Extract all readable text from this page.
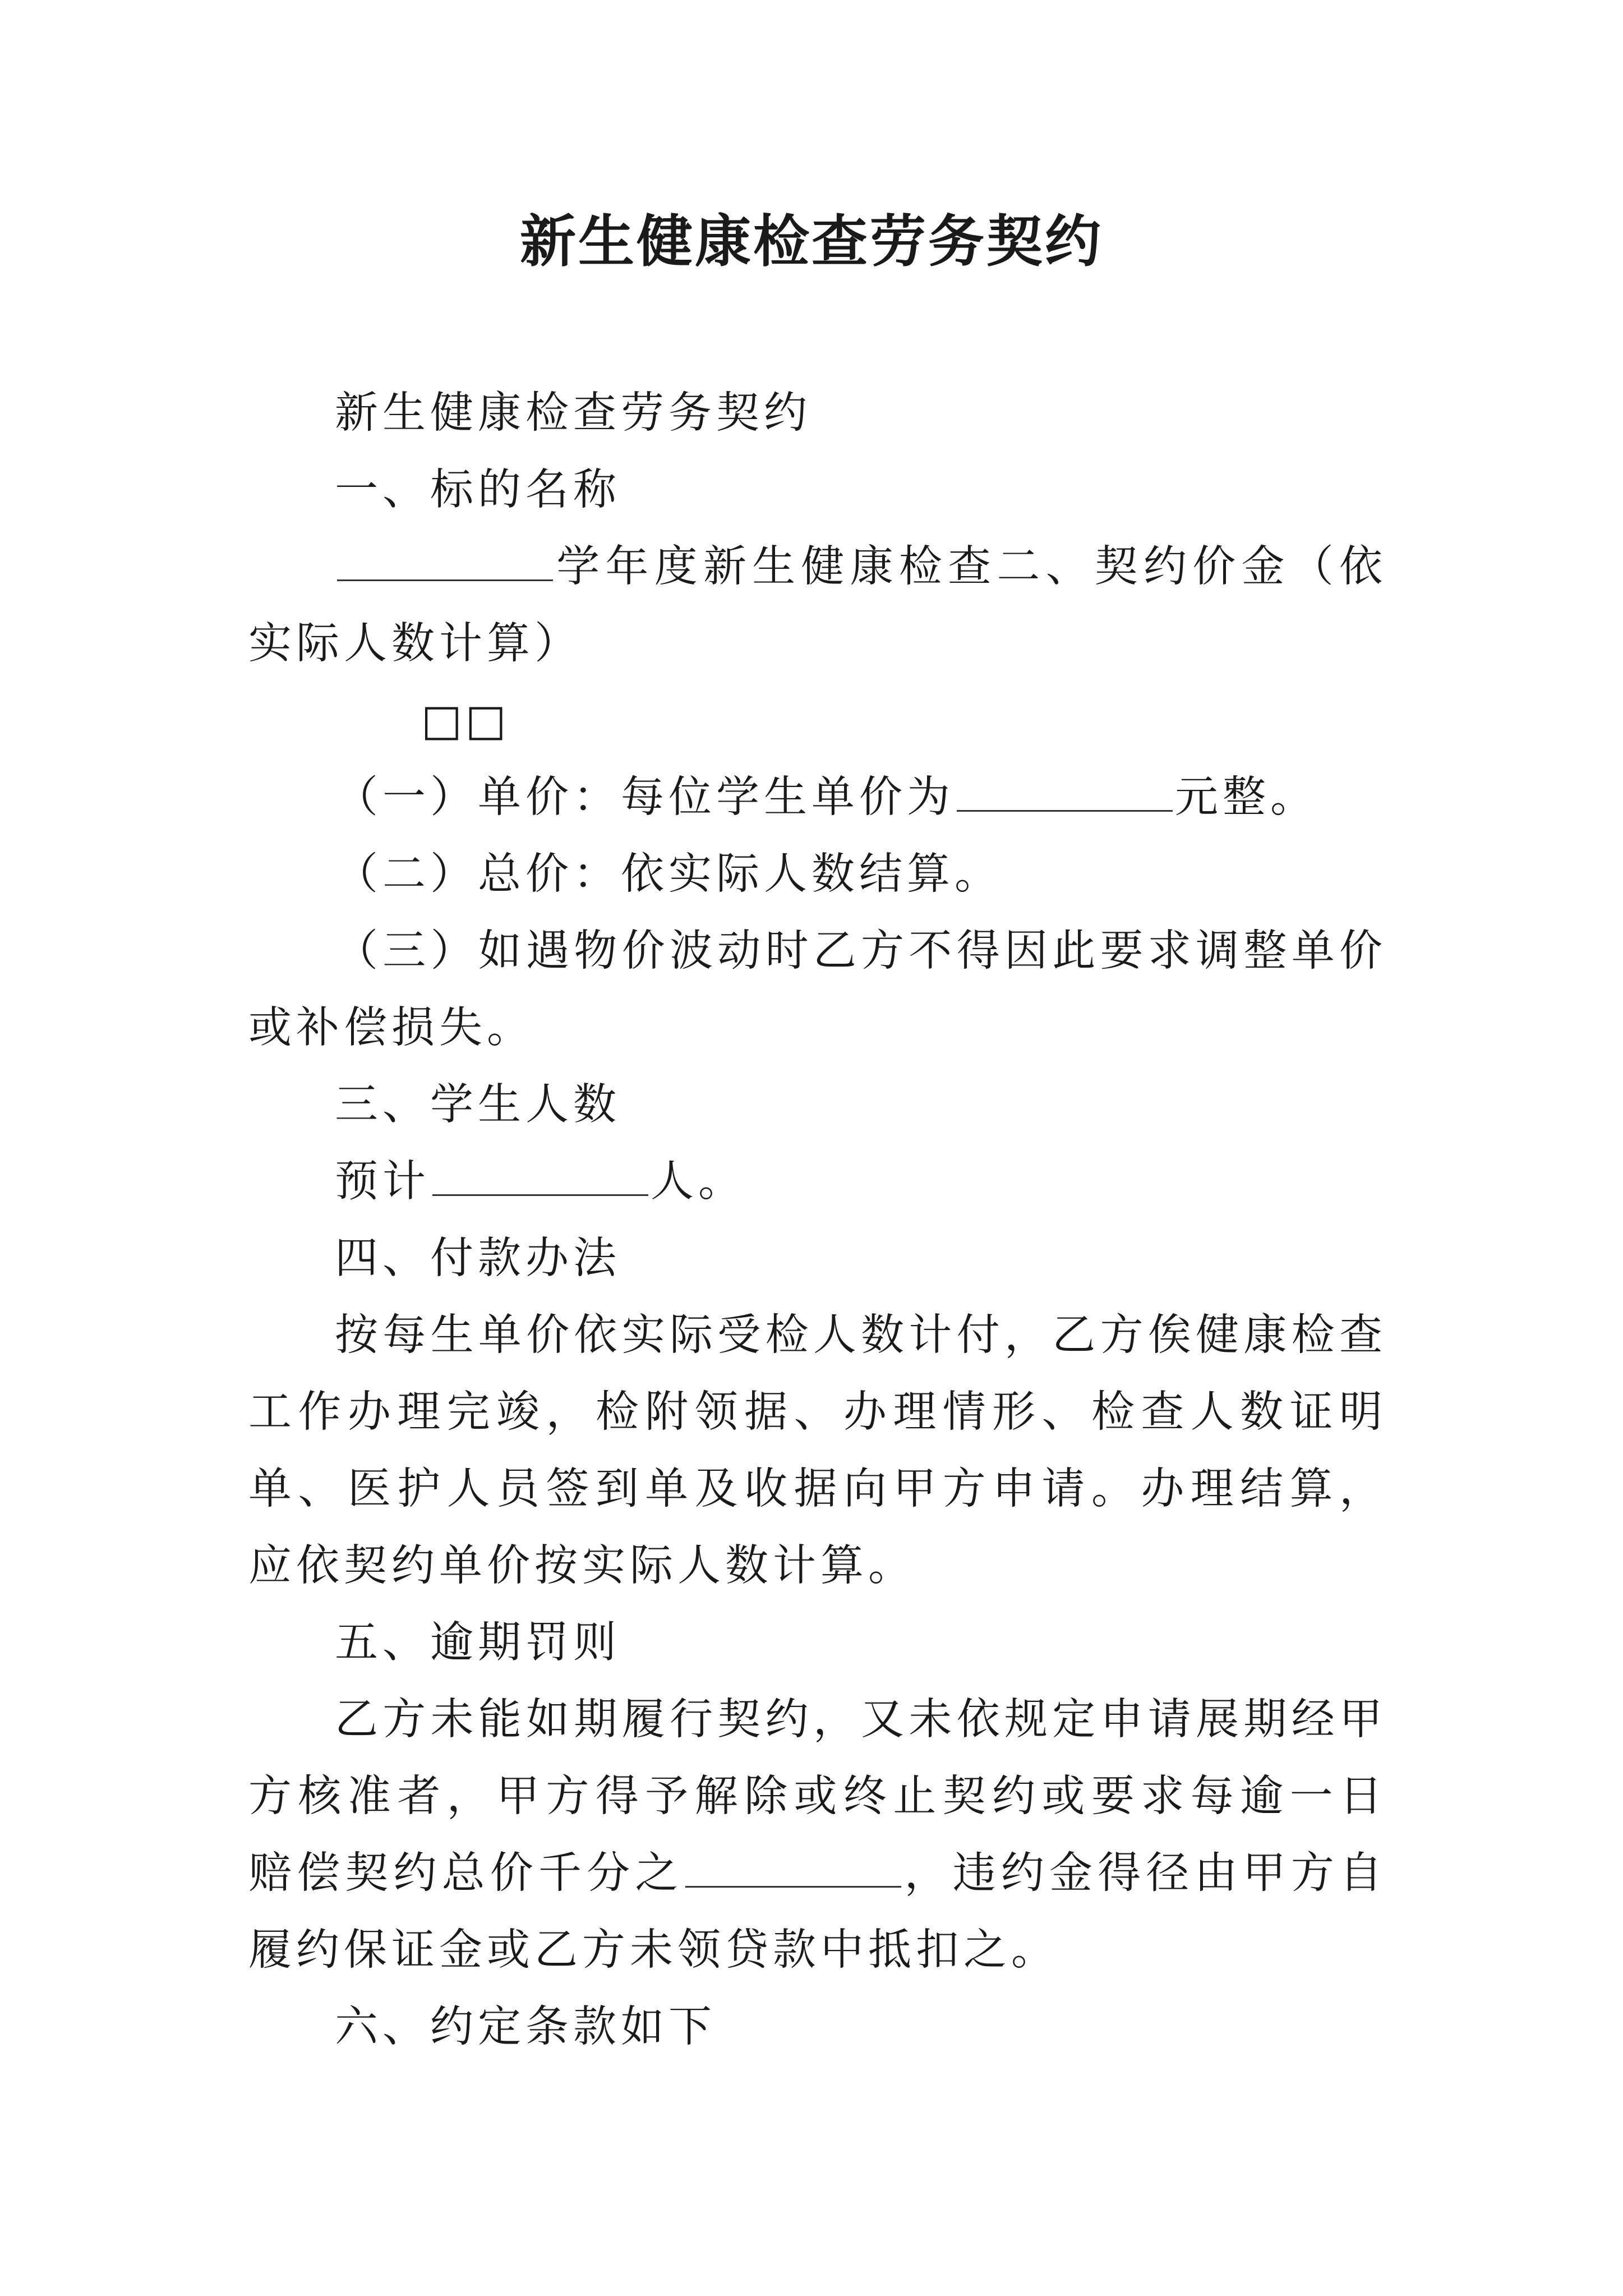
新生健康检查劳务契约

新生健康检查劳务契约

一、标的名称

学年度新生健康检查二、契约价金（依实际人数计算）

□□

（一）单价：每位学生单价为	元整。

（二）总价：依实际人数结算。

（三）如遇物价波动时乙方不得因此要求调整单价或补偿损失。

三、学生人数

预计	人。

四、付款办法

按每生单价依实际受检人数计付，乙方俟健康检查工作办理完竣，检附领据、办理情形、检查人数证明单、医护人员签到单及收据向甲方申请。办理结算，应依契约单价按实际人数计算。

五、逾期罚则

乙方未能如期履行契约，又未依规定申请展期经甲方核准者，甲方得予解除或终止契约或要求每逾一日赔偿契约总价千分之	，违约金得径由甲方自履约保证金或乙方未领贷款中抵扣之。

六、约定条款如下
